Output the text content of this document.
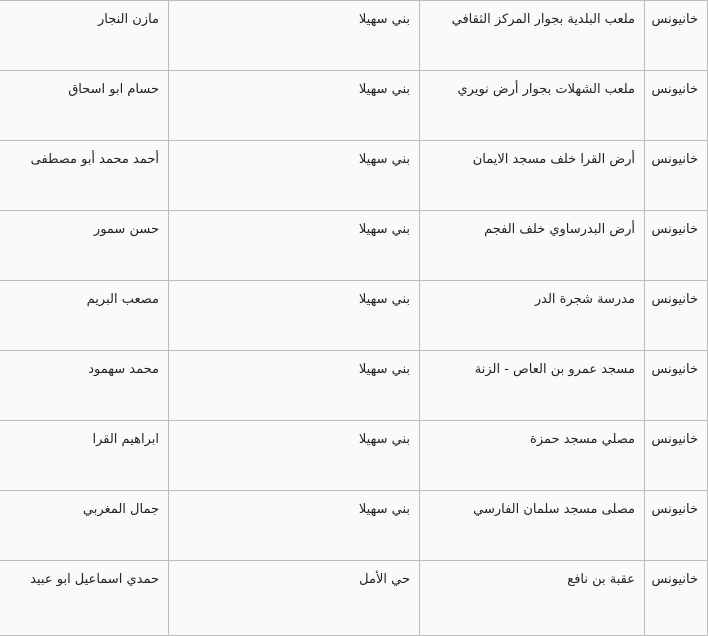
خانيونس	ملعب البلدية بجوار المركز الثقافي	بني سهيلا	مازن النجار
خانيونس	ملعب الشهلات بجوار أرض نويري	بني سهيلا	حسام ابو اسحاق
خانيونس	أرض القرا خلف مسجد الايمان	بني سهيلا	أحمد محمد أبو مصطفى
خانيونس	أرض البدرساوي خلف الفجم	بني سهيلا	حسن سمور
خانيونس	مدرسة شجرة الدر	بني سهيلا	مصعب البريم
خانيونس	مسجد عمرو بن العاص - الزنة	بني سهيلا	محمد سهمود
خانيونس	مصلي مسجد حمزة	بني سهيلا	ابراهيم القرا
خانيونس	مصلى مسجد سلمان الفارسي	بني سهيلا	جمال المغربي
خانيونس	عقبة بن نافع	حي الأمل	حمدي اسماعيل ابو عبيد
